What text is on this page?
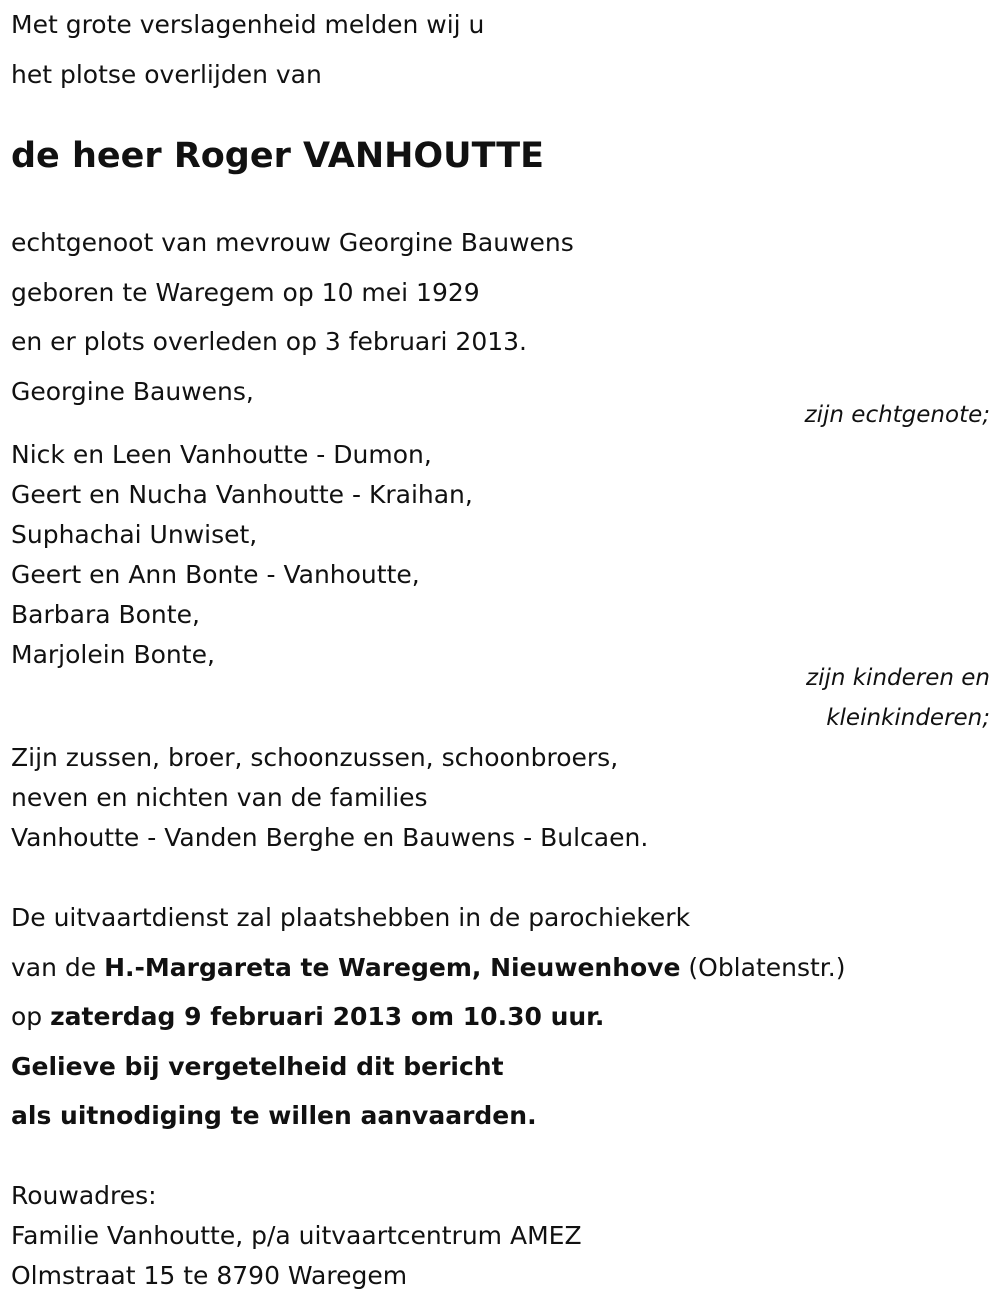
Met grote verslagenheid melden wij u

het plotse overlijden van

de heer Roger VANHOUTTE

echtgenoot van mevrouw Georgine Bauwens

geboren te Waregem op 10 mei 1929

en er plots overleden op 3 februari 2013.

Georgine Bauwens,

zijn echtgenote;

Nick en Leen Vanhoutte - Dumon,

Geert en Nucha Vanhoutte - Kraihan,

Suphachai Unwiset,

Geert en Ann Bonte - Vanhoutte,

Barbara Bonte,

Marjolein Bonte,

zijn kinderen en

kleinkinderen;

Zijn zussen, broer, schoonzussen, schoonbroers,

neven en nichten van de families

Vanhoutte - Vanden Berghe en Bauwens - Bulcaen.

De uitvaartdienst zal plaatshebben in de parochiekerk

van de H.-Margareta te Waregem, Nieuwenhove (Oblatenstr.)

op zaterdag 9 februari 2013 om 10.30 uur.

Gelieve bij vergetelheid dit bericht

als uitnodiging te willen aanvaarden.

Rouwadres:

Familie Vanhoutte, p/a uitvaartcentrum AMEZ

Olmstraat 15 te 8790 Waregem
